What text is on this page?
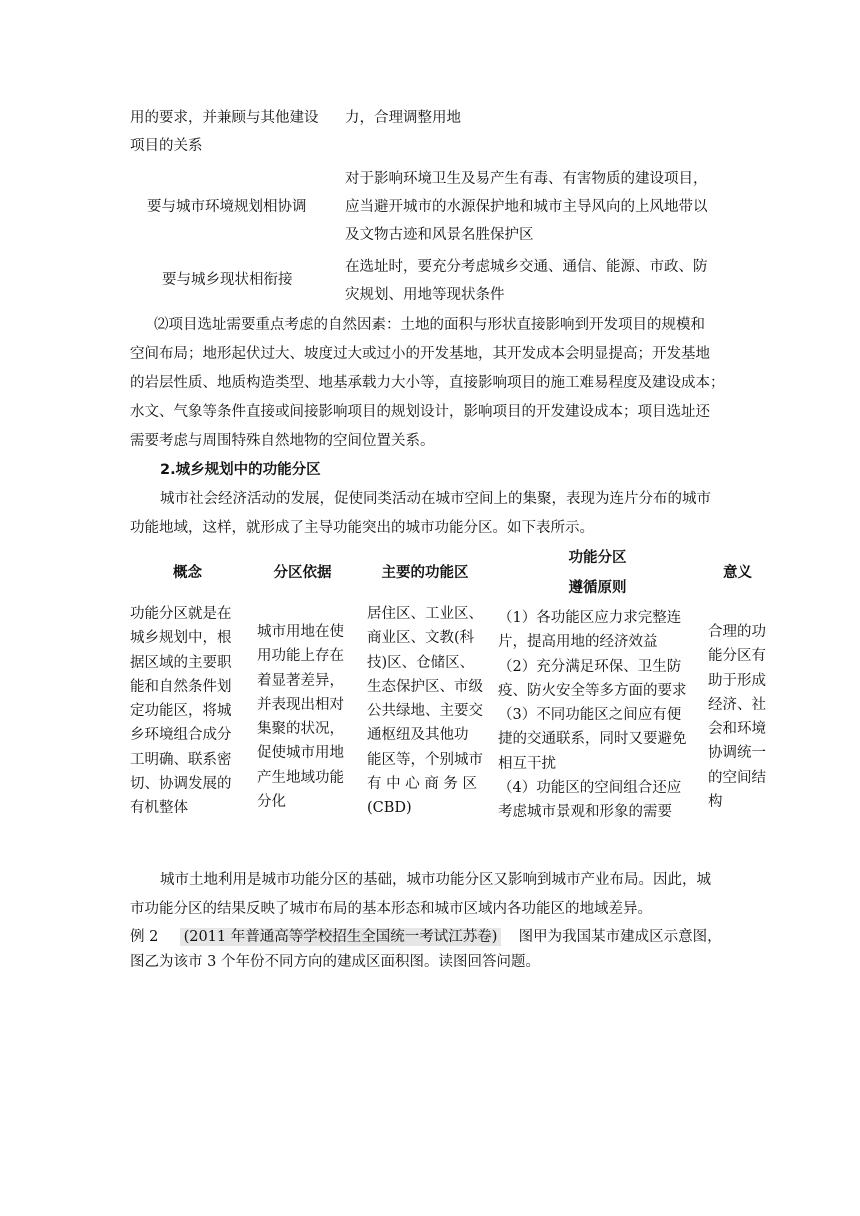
用的要求，并兼顾与其他建设
项目的关系
力，合理调整用地
要与城市环境规划相协调
对于影响环境卫生及易产生有毒、有害物质的建设项目，
应当避开城市的水源保护地和城市主导风向的上风地带以
及文物古迹和风景名胜保护区
要与城乡现状相衔接
在选址时，要充分考虑城乡交通、通信、能源、市政、防
灾规划、用地等现状条件
⑵项目选址需要重点考虑的自然因素：土地的面积与形状直接影响到开发项目的规模和
空间布局；地形起伏过大、坡度过大或过小的开发基地，其开发成本会明显提高；开发基地
的岩层性质、地质构造类型、地基承载力大小等，直接影响项目的施工难易程度及建设成本；
水文、气象等条件直接或间接影响项目的规划设计，影响项目的开发建设成本；项目选址还
需要考虑与周围特殊自然地物的空间位置关系。
2.城乡规划中的功能分区
城市社会经济活动的发展，促使同类活动在城市空间上的集聚，表现为连片分布的城市
功能地域，这样，就形成了主导功能突出的城市功能分区。如下表所示。
概念	分区依据	主要的功能区
功能分区
遵循原则
意义
功能分区就是在
城乡规划中，根
据区域的主要职
能和自然条件划
定功能区，将城
乡环境组合成分
工明确、联系密
切、协调发展的
有机整体
城市用地在使
用功能上存在
着显著差异，
并表现出相对
集聚的状况，
促使城市用地
产生地域功能
分化
居住区、工业区、
商业区、文教(科
技)区、仓储区、
生态保护区、市级
公共绿地、主要交
通枢纽及其他功
能区等，个别城市
有 中 心 商 务 区
(CBD)
（1）各功能区应力求完整连
片，提高用地的经济效益
（2）充分满足环保、卫生防
疫、防火安全等多方面的要求
（3）不同功能区之间应有便
捷的交通联系，同时又要避免
相互干扰
（4）功能区的空间组合还应
考虑城市景观和形象的需要
合理的功
能分区有
助于形成
经济、社
会和环境
协调统一
的空间结
构
城市土地利用是城市功能分区的基础，城市功能分区又影响到城市产业布局。因此，城
市功能分区的结果反映了城市布局的基本形态和城市区域内各功能区的地域差异。
例 2 (2011 年普通高等学校招生全国统一考试江苏卷) 图甲为我国某市建成区示意图，
图乙为该市 3 个年份不同方向的建成区面积图。读图回答问题。
